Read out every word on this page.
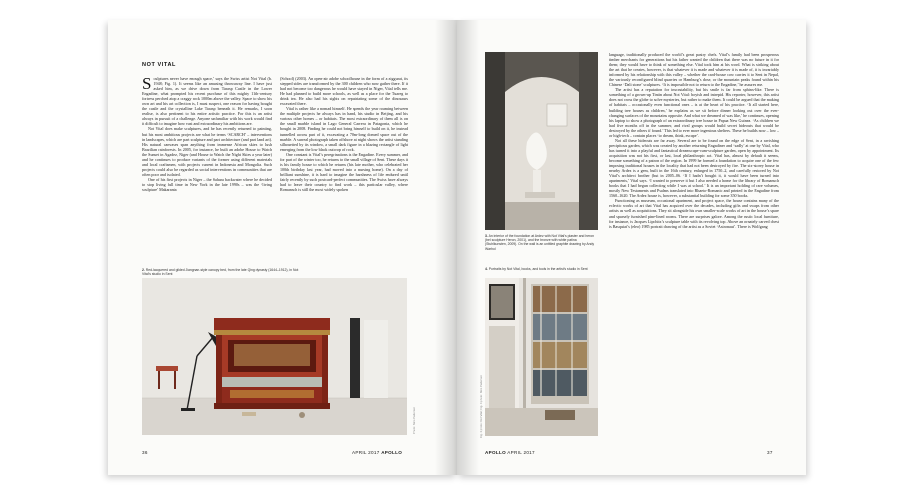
NOT VITAL

Sculptures never have enough space,’ says the Swiss artist Not Vital (b. 1948; Fig. 1). It seems like an amusing throwaway line. I have just asked him, as we drive down from Tarasp Castle in the Lower Engadine, what prompted his recent purchase of this mighty 11th-century fortress perched atop a craggy rock 1000m above the valley. Space to show his own art and his art collection is, I must suspect, one reason for having bought the castle and the crystalline Lake Tarasp beneath it. He remarks, I soon realise, is also pertinent to his entire artistic practice. For this is an artist always in pursuit of a challenge. Anyone unfamiliar with his work would find it difficult to imagine how vast and extraordinary his ambitions are.

Not Vital does make sculptures, and he has recently returned to painting, but his most ambitious projects are what he terms ‘SCARCH’ – interventions in landscapes, which are part sculpture and part architecture (and part land art). His natural canvases span anything from immense African skies to lush Brazilian rainforests. In 2005, for instance, he built an adobe House to Watch the Sunset in Agadez, Niger (and House to Watch the Night Skies a year later) and he continues to produce variants of the former using different materials and local craftsmen, with projects current in Indonesia and Mongolia. Such projects could also be regarded as social interventions in communities that are often poor and isolated.

One of his first projects in Niger – the Sahara backwater where he decided to stop living full time in New York in the late 1990s – was the ‘living sculpture’ Makaranta

(School) (2003). An open-air adobe schoolhouse in the form of a ziggurat, its stepped sides are transformed by the 300 children who now gather there. If it had not become too dangerous he would have stayed in Niger, Vital tells me. He had planned to build more schools, as well as a place for the Tuareg to drink tea. He also had his sights on repatriating some of the dinosaurs excavated there.

Vital is rather like a nomad himself. He spends the year roaming between the multiple projects he always has in hand, his studio in Beijing, and his various other homes – or habitats. The most extraordinary of them all is on the small marble island in Lago General Carrera in Patagonia, which he bought in 2008. Finding he could not bring himself to build on it, he instead tunnelled across part of it, excavating a 70m-long domed space out of the marble. A surreal photograph taken offshore at night shows the artist standing silhouetted by its window, a small dark figure in a blazing rectangle of light emerging from the low black outcrop of rock.

One constant is Vital’s peregrinations is the Engadine. Every summer, and for part of the winter too, he returns to the small village of Sent. These days it is his family house to which he returns (his late mother, who celebrated her 100th birthday last year, had moved into a nursing home). On a day of brilliant sunshine, it is hard to imagine the harshness of life endured until fairly recently by such postcard-perfect communities. The Swiss have always had to leave their country to find work – this particular valley, where Romansch is still the most widely spoken

2. Red-lacquered and gilded Jiangnan-style canopy bed, from the late Qing dynasty (1644–1912), in Not Vital’s studio in Sent
Photo: Nico Pedersen
36	APRIL 2017 APOLLO
3. An interior of the foundation at Ardez with Not Vital’s plaster and heron (bel sculpture Heron, 2001), and the bronze with white patina (Stuhlkunsten, 2009). On the wall is an untitled graphite drawing by Andy Warhol
4. Portraits by Not Vital, books, and tools in the artist’s studio in Sent
Fig. 3 photo: Not Vital; Fig. 4 photo: Nico Pedersen

language, traditionally produced the world’s great pastry chefs. Vital’s family had been prosperous timber merchants for generations but his father wanted the children that there was no future in it for them; they would have to think of something else. Vital took him at his word. What is striking about the art that he creates, however, is that whatever it is made and whatever it is made of, it is invariably informed by his relationship with this valley – whether the card-house cow carries it to Sent in Nepal, the variously reconfigured blind quarries or Hamburg’s dose, or the mountain peaks found within his Chinese ‘Dali stone’ sculptures. ‘It is impossible not to return to the Engadine,’ he assures me.

The artist has a reputation for inscrutability, but his smile is far from sphinx-like. There is something of a grown-up Tintin about Not Vital: boyish and intrepid. His reporter, however, this artist does not cross the globe to solve mysteries, but rather to make them. It could be argued that the making of habitats – occasionally even functional ones – is at the heart of his practice. ‘It all started here, building tree houses as children,’ he explains as we sit before dinner looking out over the ever-changing surfaces of the mountains opposite. And what we dreamed of was like,’ he continues, opening his laptop to show a photograph of an extraordinary tree house in Papua New Guinea. ‘As children we had five months off in the summer, and rival groups would build secret hideouts that would be destroyed by the others if found.’ This led to ever more ingenious shelters. These he builds now – low – or high-tech – contain places ‘to dream, think, escape’.

Not all these hideouts are far away. Several are to be found on the edge of Sent, in a ravishing precipitous garden, which was created by another returning Engadiner and ‘sadly’ at one by Vital, who has turned it into a playful and fantastical dreamscape-cum-sculpture garden, open by appointment. Its acquisition was not his first, or last, local philanthropic act. Vital has, almost by default it seems, become something of a patron of the region. In 1999 he formed a foundation to acquire one of the few imposing traditional houses in the locality that had not been destroyed by fire. The six-storey house in nearby Ardez is a gem, built in the 16th century, enlarged in 1750–2, and carefully restored by Not Vital’s architect brother (but in 2005–06. ‘If I hadn’t bought it, it would have been turned into apartments,’ Vital says. ‘I wanted to preserve it but I also needed a home for the library of Romansch books that I had begun collecting while I was at school.’ It is an important holding of rare volumes, mostly New Testaments and Psalms translated into Rhaeto-Romanic and printed in the Engadine from 1560–1620. The Ardez house is, however, a substantial building for some 350 books.

Functioning as museum, occasional apartment, and project space, the house contains many of the eclectic works of art that Vital has acquired over the decades, including gifts and swaps from other artists as well as acquisitions. They sit alongside his own smaller-scale works of art in the house’s spare and sparsely furnished pine-lined rooms. There are surprises galore. Among the rustic local furniture, for instance, is Jacques Lipchitz’s sculpture table with its revolving top. Above an ornately carved chest is Basquiat’s (eleo) 1985 portrait drawing of the artist as a Soviet ‘Astronaut’. There is Wolfgang

APOLLO APRIL 2017	37
